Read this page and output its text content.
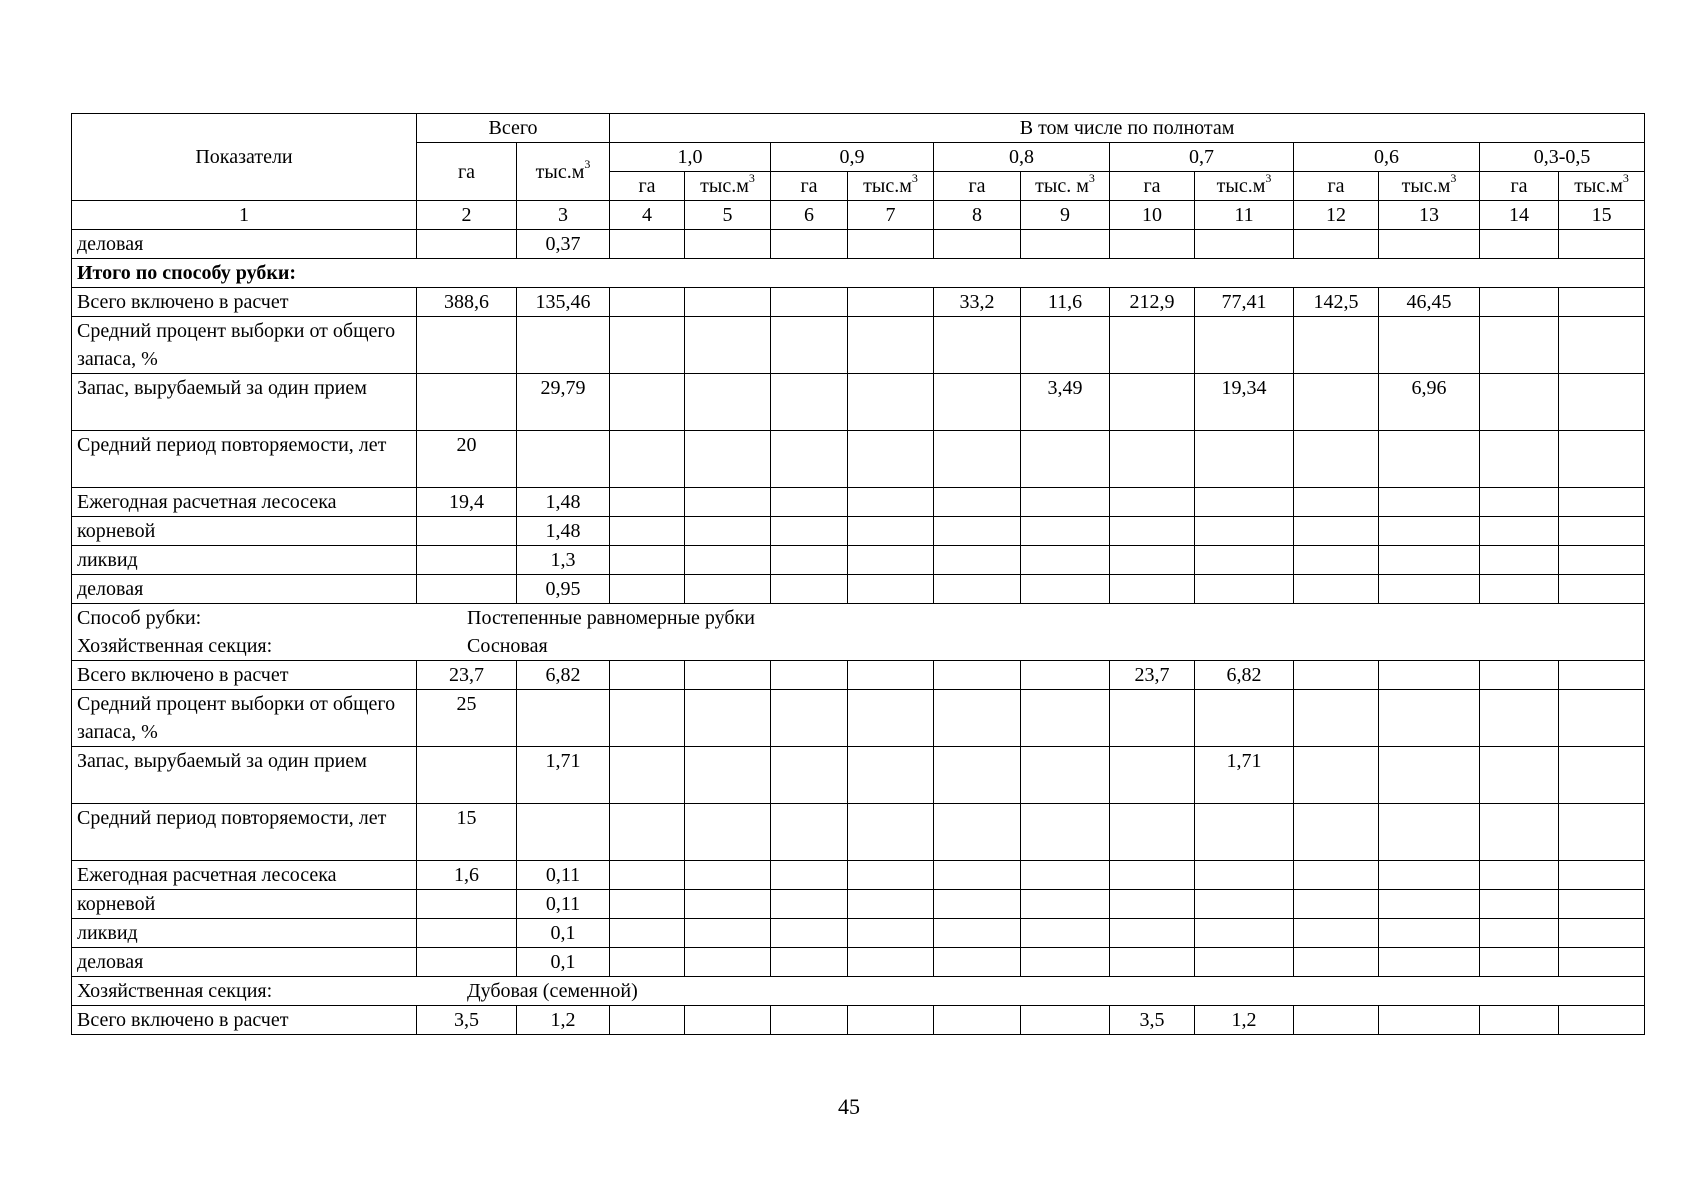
Показатели	Всего		В том числе по полнотам											
	га	$тыс.м^3$	1,0		0,9		0,8		0,7		0,6		0,3-0,5	
			га	$тыс.м^3$	га	$тыс.м^3$	га	тыс. $м^3$	га	$тыс.м^3$	га	$тыс.м^3$	га	$тыс.м^3$
1	2	3	4	5	6	7	8	9	10	11	12	13	14	15
деловая		0,37												
Итого по способу рубки:														
Всего включено в расчет	388,6	135,46					33,2	11,6	212,9	77,41	142,5	46,45		
Средний процент выборки от общего запаса, %														
Запас, вырубаемый за один прием		29,79						3,49		19,34		6,96		
Средний период повторяемости, лет	20													
Ежегодная расчетная лесосека	19,4	1,48												
корневой		1,48												
ликвид		1,3												
деловая		0,95												

Способ рубки: Постепенные равномерные рубки
Хозяйственная секция: Сосновая														

Всего включено в расчет	23,7	6,82							23,7	6,82				
Средний процент выборки от общего запаса, %	25													
Запас, вырубаемый за один прием		1,71								1,71				
Средний период повторяемости, лет	15													
Ежегодная расчетная лесосека	1,6	0,11												
корневой		0,11												
ликвид		0,1												
деловая		0,1												

Хозяйственная секция: Дубовая (семенной)														

Всего включено в расчет	3,5	1,2							3,5	1,2				
45
